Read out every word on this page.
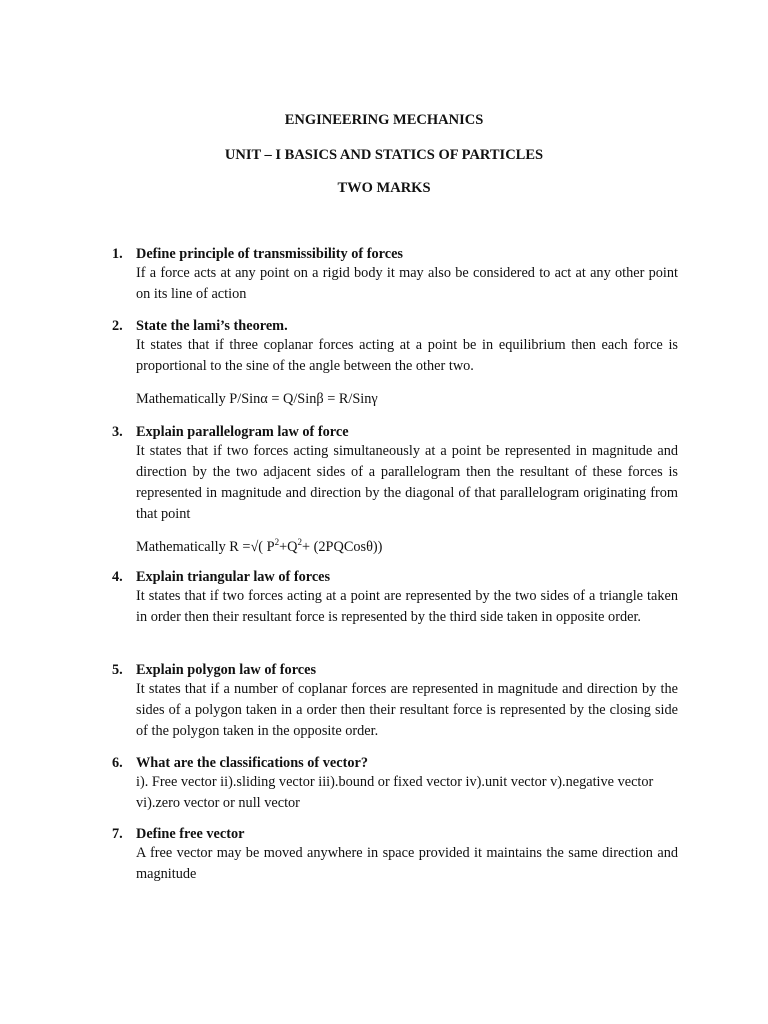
ENGINEERING MECHANICS
UNIT – I BASICS AND STATICS OF PARTICLES
TWO MARKS
1. Define principle of transmissibility of forces
If a force acts at any point on a rigid body it may also be considered to act at any other point on its line of action
2. State the lami’s theorem.
It states that if three coplanar forces acting at a point be in equilibrium then each force is proportional to the sine of the angle between the other two.
Mathematically P/Sinα = Q/Sinβ = R/Sinγ
3. Explain parallelogram law of force
It states that if two forces acting simultaneously at a point be represented in magnitude and direction by the two adjacent sides of a parallelogram then the resultant of these forces is represented in magnitude and direction by the diagonal of that parallelogram originating from that point
Mathematically R =√( $P^2+Q^2+$ (2PQCosθ))
4. Explain triangular law of forces
It states that if two forces acting at a point are represented by the two sides of a triangle taken in order then their resultant force is represented by the third side taken in opposite order.
5. Explain polygon law of forces
It states that if a number of coplanar forces are represented in magnitude and direction by the sides of a polygon taken in a order then their resultant force is represented by the closing side of the polygon taken in the opposite order.
6. What are the classifications of vector?
i). Free vector ii).sliding vector iii).bound or fixed vector iv).unit vector v).negative vector vi).zero vector or null vector
7. Define free vector
A free vector may be moved anywhere in space provided it maintains the same direction and magnitude
